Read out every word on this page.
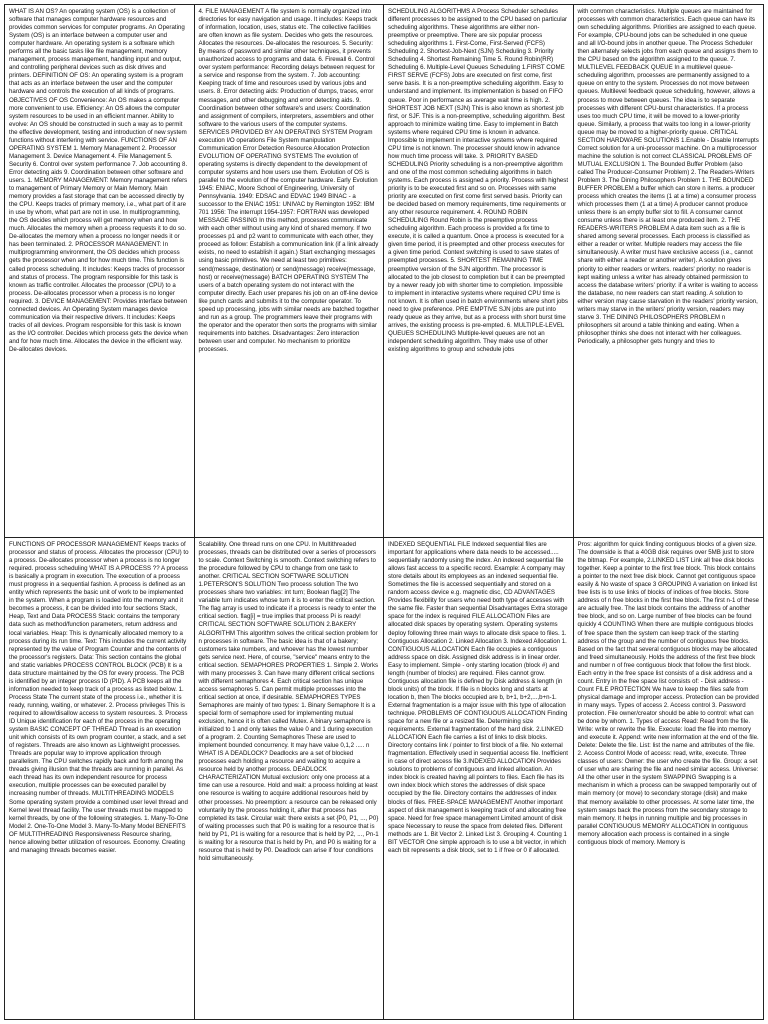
WHAT IS AN OS? An operating system (OS) is a collection of software that manages computer hardware resources and provides common services for computer programs. An Operating System (OS) is an interface between a computer user and computer hardware. An operating system is a software which performs all the basic tasks like file management, memory management, process management, handling input and output, and controlling peripheral devices such as disk drives and printers. DEFINITION OF OS: An operating system is a program that acts as an interface between the user and the computer hardware and controls the execution of all kinds of programs. OBJECTIVES OF OS Convenience: An OS makes a computer more convenient to use. Efficiency: An OS allows the computer system resources to be used in an efficient manner. Ability to evolve: An OS should be constructed in such a way as to permit the effective development, testing and introduction of new system functions without interfering with service. FUNCTIONS OF AN OPERATING SYSTEM 1. Memory Management 2. Processor Management 3. Device Management 4. File Management 5. Security 6. Control over system performance 7. Job accounting 8. Error detecting aids 9. Coordination between other software and users. 1. MEMORY MANAGEMENT: Memory management refers to management of Primary Memory or Main Memory. Main memory provides a fast storage that can be accessed directly by the CPU. Keeps tracks of primary memory, i.e., what part of it are in use by whom, what part are not in use. In multiprogramming, the OS decides which process will get memory when and how much. Allocates the memory when a process requests it to do so. De-allocates the memory when a process no longer needs it or has been terminated. 2. PROCESSOR MANAGEMENT: In multiprogramming environment, the OS decides which process gets the processor when and for how much time. This function is called process scheduling. It includes: Keeps tracks of processor and status of process. The program responsible for this task is known as traffic controller. Allocates the processor (CPU) to a process. De-allocates processor when a process is no longer required. 3. DEVICE MANAGEMENT: Provides interface between connected devices. An Operating System manages device communication via their respective drivers. It includes: Keeps tracks of all devices. Program responsible for this task is known as the I/O controller. Decides which process gets the device when and for how much time. Allocates the device in the efficient way. De-allocates devices.

4. FILE MANAGEMENT A file system is normally organized into directories for easy navigation and usage. It includes: Keeps track of information, location, uses, status etc. The collective facilities are often known as file system. Decides who gets the resources. Allocates the resources. De-allocates the resources. 5. Security: By means of password and similar other techniques, it prevents unauthorized access to programs and data. 6. Firewall 6. Control over system performance: Recording delays between request for a service and response from the system. 7. Job accounting: Keeping track of time and resources used by various jobs and users. 8. Error detecting aids: Production of dumps, traces, error messages, and other debugging and error detecting aids. 9. Coordination between other software's and users: Coordination and assignment of compilers, interpreters, assemblers and other software to the various users of the computer systems. SERVICES PROVIDED BY AN OPERATING SYSTEM Program execution I/O operations File System manipulation Communication Error Detection Resource Allocation Protection EVOLUTION OF OPERATING SYSTEMS The evolution of operating systems is directly dependent to the development of computer systems and how users use them. Evolution of OS is parallel to the evolution of the computer hardware. Early Evolution 1945: ENIAC, Moore School of Engineering, University of Pennsylvania. 1949: EDSAC and EDVAC 1949 BINAC - a successor to the ENIAC 1951: UNIVAC by Remington 1952: IBM 701 1956: The interrupt 1954-1957: FORTRAN was developed MESSAGE PASSING In this method, processes communicate with each other without using any kind of shared memory. If two processes p1 and p2 want to communicate with each other, they proceed as follow: Establish a communication link (if a link already exists, no need to establish it again.) Start exchanging messages using basic primitives. We need at least two primitives: send(message, destination) or send(message) receive(message, host) or receive(message) BATCH OPERATING SYSTEM The users of a batch operating system do not interact with the computer directly. Each user prepares his job on an off-line device like punch cards and submits it to the computer operator. To speed up processing, jobs with similar needs are batched together and run as a group. The programmers leave their programs with the operator and the operator then sorts the programs with similar requirements into batches. Disadvantages: Zero interaction between user and computer. No mechanism to prioritize processes.

SCHEDULING ALGORITHMS A Process Scheduler schedules different processes to be assigned to the CPU based on particular scheduling algorithms. These algorithms are either non-preemptive or preemptive. There are six popular process scheduling algorithms 1. First-Come, First-Served (FCFS) Scheduling 2. Shortest-Job-Next (SJN) Scheduling 3. Priority Scheduling 4. Shortest Remaining Time 5. Round Robin(RR) Scheduling 6. Multiple-Level Queues Scheduling 1.FIRST COME FIRST SERVE (FCFS) Jobs are executed on first come, first serve basis. It is a non-preemptive scheduling algorithm. Easy to understand and implement. Its implementation is based on FIFO queue. Poor in performance as average wait time is high. 2. SHORTEST JOB NEXT (SJN) This is also known as shortest job first, or SJF. This is a non-preemptive, scheduling algorithm. Best approach to minimize waiting time. Easy to implement in Batch systems where required CPU time is known in advance. Impossible to implement in interactive systems where required CPU time is not known. The processer should know in advance how much time process will take. 3. PRIORITY BASED SCHEDULING Priority scheduling is a non-preemptive algorithm and one of the most common scheduling algorithms in batch systems. Each process is assigned a priority. Process with highest priority is to be executed first and so on. Processes with same priority are executed on first come first served basis. Priority can be decided based on memory requirements, time requirements or any other resource requirement. 4. ROUND ROBIN SCHEDULING Round Robin is the preemptive process scheduling algorithm. Each process is provided a fix time to execute, it is called a quantum. Once a process is executed for a given time period, it is preempted and other process executes for a given time period. Context switching is used to save states of preempted processes. 5. SHORTEST REMAINING TIME preemptive version of the SJN algorithm. The processor is allocated to the job closest to completion but it can be preempted by a newer ready job with shorter time to completion. Impossible to implement in interactive systems where required CPU time is not known. It is often used in batch environments where short jobs need to give preference. PRE EMPTIVE SJN jobs are put into ready queue as they arrive, but as a process with short burst time arrives, the existing process is pre-empted. 6. MULTIPLE-LEVEL QUEUES SCHEDULING Multiple-level queues are not an independent scheduling algorithm. They make use of other existing algorithms to group and schedule jobs

with common characteristics. Multiple queues are maintained for processes with common characteristics. Each queue can have its own scheduling algorithms. Priorities are assigned to each queue. For example, CPU-bound jobs can be scheduled in one queue and all I/O-bound jobs in another queue. The Process Scheduler then alternately selects jobs from each queue and assigns them to the CPU based on the algorithm assigned to the queue. 7. MULTILEVEL FEEDBACK QUEUE In a multilevel queue-scheduling algorithm, processes are permanently assigned to a queue on entry to the system. Processes do not move between queues. Multilevel feedback queue scheduling, however, allows a process to move between queues. The idea is to separate processes with different CPU-burst characteristics. If a process uses too much CPU time, it will be moved to a lower-priority queue. Similarly, a process that waits too long in a lower-priority queue may be moved to a higher-priority queue. CRITICAL SECTION HARDWARE SOLUTIONS 1.Enable - Disable Interrupts Correct solution for a uni-processor machine. On a multiprocessor machine the solution is not correct CLASSICAL PROBLEMS OF MUTUAL EXCLUSION 1. The Bounded Buffer Problem (also called The Producer-Consumer Problem) 2. The Readers-Writers Problem 3. The Dining Philosophers Problem 1. THE BOUNDED BUFFER PROBLEM a buffer which can store n items. a producer process which creates the items (1 at a time) a consumer process which processes them (1 at a time) A producer cannot produce unless there is an empty buffer slot to fill. A consumer cannot consume unless there is at least one produced item. 2. THE READERS-WRITERS PROBLEM A data item such as a file is shared among several processes. Each process is classified as either a reader or writer. Multiple readers may access the file simultaneously. A writer must have exclusive access (i.e., cannot share with either a reader or another writer). A solution gives priority to either readers or writers. readers' priority: no reader is kept waiting unless a writer has already obtained permission to access the database writers' priority: if a writer is waiting to access the database, no new readers can start reading. A solution to either version may cause starvation in the readers' priority version, writers may starve in the writers' priority version, readers may starve 3. THE DINING PHILOSOPHERS PROBLEM n philosophers sit around a table thinking and eating. When a philosopher thinks she does not interact with her colleagues. Periodically, a philosopher gets hungry and tries to

FUNCTIONS OF PROCESSOR MANAGEMENT Keeps tracks of processor and status of process. Allocates the processor (CPU) to a process. De-allocates processor when a process is no longer required. process scheduling WHAT IS A PROCESS ?? A process is basically a program in execution. The execution of a process must progress in a sequential fashion. A process is defined as an entity which represents the basic unit of work to be implemented in the system. When a program is loaded into the memory and it becomes a process, it can be divided into four sections Stack, Heap, Text and Data PROCESS Stack: contains the temporary data such as method/function parameters, return address and local variables. Heap: This is dynamically allocated memory to a process during its run time. Text: This includes the current activity represented by the value of Program Counter and the contents of the processor's registers. Data: This section contains the global and static variables PROCESS CONTROL BLOCK (PCB) It is a data structure maintained by the OS for every process. The PCB is identified by an integer process ID (PID). A PCB keeps all the information needed to keep track of a process as listed below. 1. Process State The current state of the process i.e., whether it is ready, running, waiting, or whatever. 2. Process privileges This is required to allow/disallow access to system resources. 3. Process ID Unique identification for each of the process in the operating system BASIC CONCEPT OF THREAD Thread is an execution unit which consists of its own program counter, a stack, and a set of registers. Threads are also known as Lightweight processes. Threads are popular way to improve application through parallelism. The CPU switches rapidly back and forth among the threads giving illusion that the threads are running in parallel. As each thread has its own independent resource for process execution, multiple processes can be executed parallel by increasing number of threads. MULTITHREADING MODELS Some operating system provide a combined user level thread and Kernel level thread facility. The user threads must be mapped to kernel threads, by one of the following strategies. 1. Many-To-One Model 2. One-To-One Model 3. Many-To-Many Model BENEFITS OF MULTITHREADING Responsiveness Resource sharing, hence allowing better utilization of resources. Economy. Creating and managing threads becomes easier.

Scalability. One thread runs on one CPU. In Multithreaded processes, threads can be distributed over a series of processors to scale. Context Switching is smooth. Context switching refers to the procedure followed by CPU to change from one task to another. CRITICAL SECTION SOFTWARE SOLUTION 1.PETERSON'S SOLUTION Two process solution The two processes share two variables: int turn; Boolean flag[2] The variable turn indicates whose turn it is to enter the critical section. The flag array is used to indicate if a process is ready to enter the critical section. flag[i] = true implies that process Pi is ready! CRITICAL SECTION SOFTWARE SOLUTION 2.BAKERY ALGORITHM This algorithm solves the critical section problem for n processes in software. The basic idea is that of a bakery; customers take numbers, and whoever has the lowest number gets service next. Here, of course, "service" means entry to the critical section. SEMAPHORES PROPERTIES 1. Simple 2. Works with many processes 3. Can have many different critical sections with different semaphores 4. Each critical section has unique access semaphores 5. Can permit multiple processes into the critical section at once, if desirable. SEMAPHORES TYPES Semaphores are mainly of two types: 1. Binary Semaphore It is a special form of semaphore used for implementing mutual exclusion, hence it is often called Mutex. A binary semaphore is initialized to 1 and only takes the value 0 and 1 during execution of a program. 2. Counting Semaphores These are used to implement bounded concurrency. It may have value 0,1,2 ..... n WHAT IS A DEADLOCK? Deadlocks are a set of blocked processes each holding a resource and waiting to acquire a resource held by another process. DEADLOCK CHARACTERIZATION Mutual exclusion: only one process at a time can use a resource. Hold and wait: a process holding at least one resource is waiting to acquire additional resources held by other processes. No preemption: a resource can be released only voluntarily by the process holding it, after that process has completed its task. Circular wait: there exists a set {P0, P1, ..., P0} of waiting processes such that P0 is waiting for a resource that is held by P1, P1 is waiting for a resource that is held by P2, ..., Pn-1 is waiting for a resource that is held by Pn, and P0 is waiting for a resource that is held by P0. Deadlock can arise if four conditions hold simultaneously.

INDEXED SEQUENTIAL FILE Indexed sequential files are important for applications where data needs to be accessed..... sequentially randomly using the index. An indexed sequential file allows fast access to a specific record. Example: A company may store details about its employees as an indexed sequential file. Sometimes the file is accessed sequentially and stored on a random access device e.g. magnetic disc, CD ADVANTAGES Provides flexibility for users who need both type of accesses with the same file. Faster than sequential Disadvantages Extra storage space for the index is required FILE ALLOCATION Files are allocated disk spaces by operating system. Operating systems deploy following three main ways to allocate disk space to files. 1. Contiguous Allocation 2. Linked Allocation 3. Indexed Allocation 1. CONTIGUOUS ALLOCATION Each file occupies a contiguous address space on disk. Assigned disk address is in linear order. Easy to implement. Simple - only starting location (block #) and length (number of blocks) are required. Files cannot grow. Contiguous allocation file is defined by Disk address & length (in block units) of the block. If file is n blocks long and starts at location b, then The blocks occupied are b, b+1, b+2,...,b+n-1. External fragmentation is a major issue with this type of allocation technique. PROBLEMS OF CONTIGUOUS ALLOCATION Finding space for a new file or a resized file. Determining size requirements. External fragmentation of the hard disk. 2.LINKED ALLOCATION Each file carries a list of links to disk blocks. Directory contains link / pointer to first block of a file. No external fragmentation. Effectively used in sequential access file. Inefficient in case of direct access file 3.INDEXED ALLOCATION Provides solutions to problems of contiguous and linked allocation. An index block is created having all pointers to files. Each file has its own index block which stores the addresses of disk space occupied by the file. Directory contains the addresses of index blocks of files. FREE-SPACE MANAGEMENT Another important aspect of disk management is keeping track of and allocating free space. Need for free space management Limited amount of disk space Necessary to reuse the space from deleted files. Different methods are 1. Bit Vector 2. Linked List 3. Grouping 4. Counting 1 BIT VECTOR One simple approach is to use a bit vector, in which each bit represents a disk block, set to 1 if free or 0 if allocated.

Pros: algorithm for quick finding contiguous blocks of a given size. The downside is that a 40GB disk requires over 5MB just to store the bitmap. For example, 2.LINKED LIST Link all free disk blocks together. Keep a pointer to the first free block. This block contains a pointer to the next free disk block. Cannot get contiguous space easily & No waste of space 3 GROUPING A variation on linked list free lists is to use links of blocks of indices of free blocks. Store address of n free blocks in the first free block. The first n-1 of these are actually free. The last block contains the address of another free block, and so on. Large number of free blocks can be found quickly 4 COUNTING When there are multiple contiguous blocks of free space then the system can keep track of the starting address of the group and the number of contiguous free blocks. Based on the fact that several contiguous blocks may be allocated and freed simultaneously. Holds the address of the first free block and number n of free contiguous block that follow the first block. Each entry in the free space list consists of a disk address and a count. Entry in the free space list consists of: - Disk address - Count FILE PROTECTION We have to keep the files safe from physical damage and improper access. Protection can be provided in many ways. Types of access 2. Access control 3. Password protection. File owner/creator should be able to control: what can be done by whom. 1. Types of access Read: Read from the file. Write: write or rewrite the file. Execute: load the file into memory and execute it. Append: write new information at the end of the file. Delete: Delete the file. List: list the name and attributes of the file. 2. Access Control Mode of access: read, write, execute. Three classes of users: Owner: the user who create the file. Group: a set of user who are sharing the file and need similar access. Universe: All the other user in the system SWAPPING Swapping is a mechanism in which a process can be swapped temporarily out of main memory (or move) to secondary storage (disk) and make that memory available to other processes. At some later time, the system swaps back the process from the secondary storage to main memory. It helps in running multiple and big processes in parallel CONTIGUOUS MEMORY ALLOCATION In contiguous memory allocation each process is contained in a single contiguous block of memory. Memory is
